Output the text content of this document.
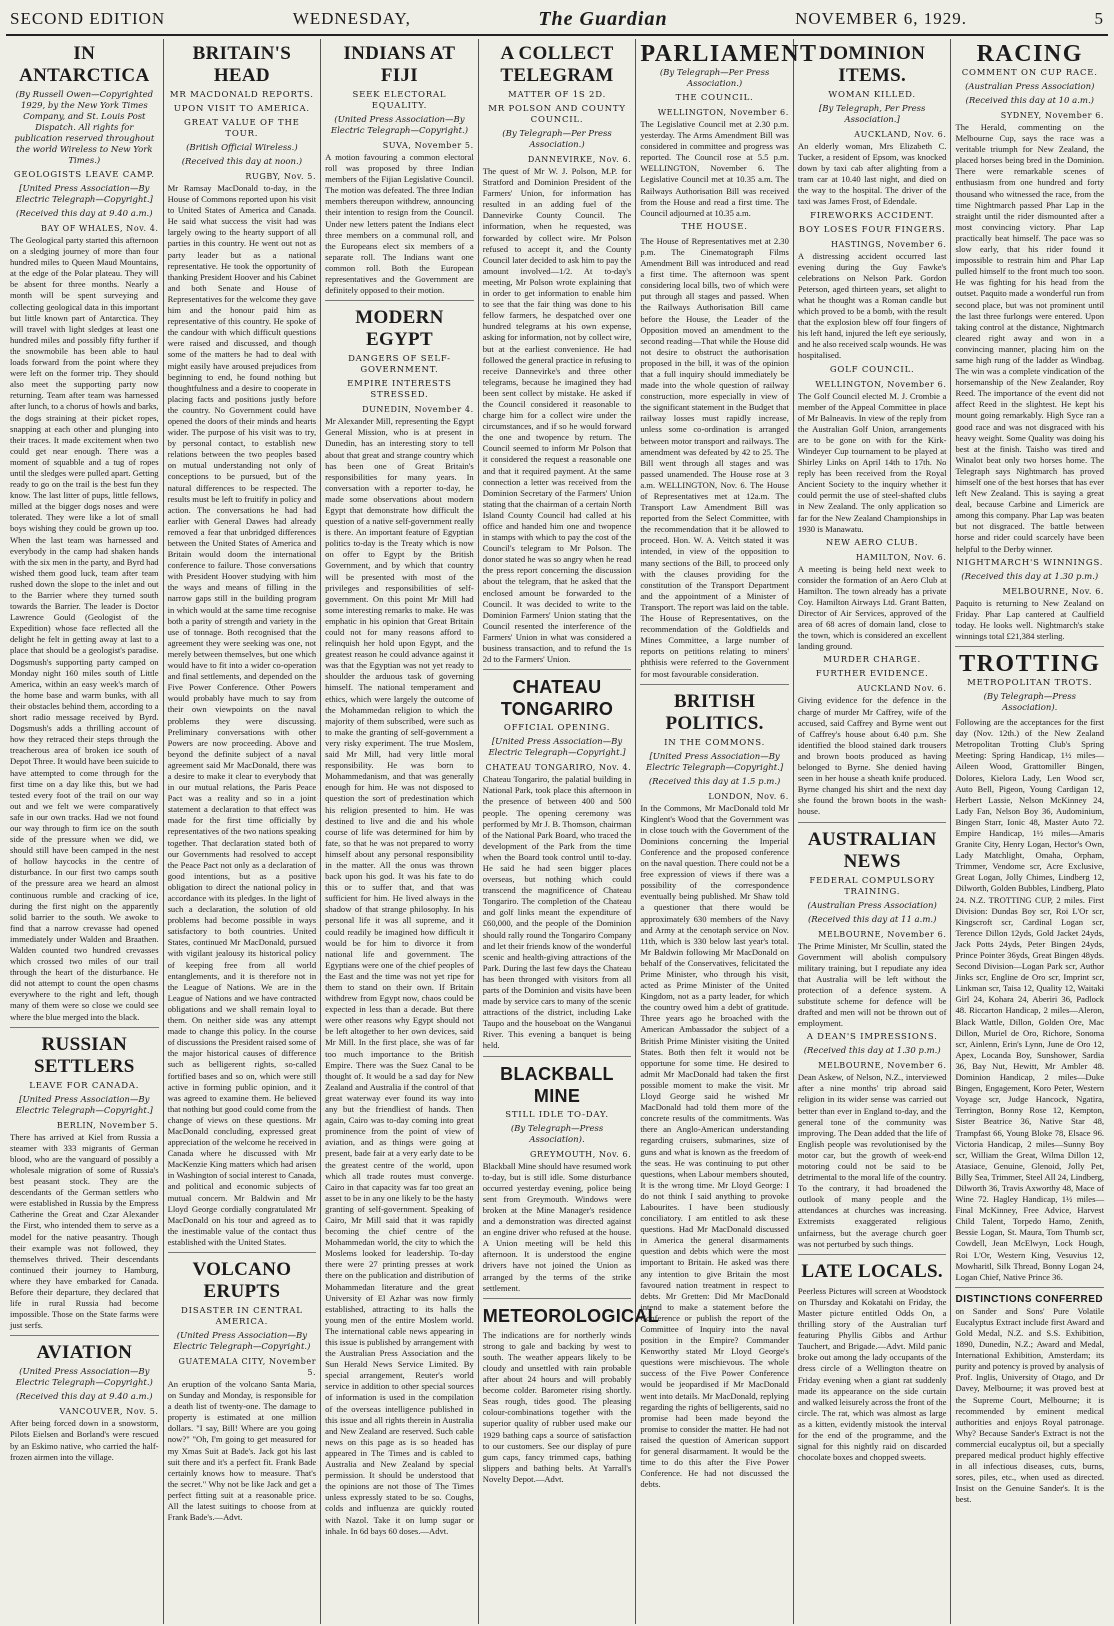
SECOND EDITION	WEDNESDAY,	The Guardian	NOVEMBER 6, 1929.	5
IN ANTARCTICA
(By Russell Owen—Copyrighted 1929, by the New York Times Company, and St. Louis Post Dispatch. All rights for publication reserved throughout the world Wireless to New York Times.)
GEOLOGISTS LEAVE CAMP.
[United Press Association—By Electric Telegraph—Copyright.]
(Received this day at 9.40 a.m.)
BAY OF WHALES, Nov. 4.
The Geological party started this afternoon on a sledging journey of more than four hundred miles to Queen Maud Mountains, at the edge of the Polar plateau. They will be absent for three months. Nearly a month will be spent surveying and collecting geological data in this important but little known part of Antarctica. They will travel with light sledges at least one hundred miles and possibly fifty further if the snowmobile has been able to haul loads forward from the point where they were left on the former trip. They should also meet the supporting party now returning. Team after team was harnessed after lunch, to a chorus of howls and barks, the dogs straining at their picket ropes, snapping at each other and plunging into their traces. It made excitement when two could get near enough. There was a moment of squabble and a tug of ropes until the sledges were pulled apart. Getting ready to go on the trail is the best fun they know. The last litter of pups, little fellows, milled at the bigger dogs noses and were tolerated. They were like a lot of small boys wishing they could be grown up too. When the last team was harnessed and everybody in the camp had shaken hands with the six men in the party, and Byrd had wished them good luck, team after team rushed down the slope to the inlet and out to the Barrier where they turned south towards the Barrier. The leader is Doctor Lawrence Gould (Geologist of the Expedition) whose face reflected all the delight he felt in getting away at last to a place that should be a geologist's paradise. Dogsmush's supporting party camped on Monday night 160 miles south of Little America, within an easy week's march of the home base and warm bunks, with all their obstacles behind them, according to a short radio message received by Byrd. Dogsmush's adds a thrilling account of how they retraced their steps through the treacherous area of broken ice south of Depot Three. It would have been suicide to have attempted to come through for the first time on a day like this, but we had tested every foot of the trail on our way out and we felt we were comparatively safe in our own tracks. Had we not found our way through to firm ice on the south side of the pressure when we did, we should still have been camped in the nest of hollow haycocks in the centre of disturbance. In our first two camps south of the pressure area we heard an almost continuous rumble and cracking of ice, during the first night on the apparently solid barrier to the south. We awoke to find that a narrow crevasse had opened immediately under Walden and Braathen. Walden counted two hundred crevasses which crossed two miles of our trail through the heart of the disturbance. He did not attempt to count the open chasms everywhere to the right and left, though many of them were so close we could see where the blue merged into the black.
RUSSIAN SETTLERS
LEAVE FOR CANADA.
[United Press Association—By Electric Telegraph—Copyright.]
BERLIN, November 5.
There has arrived at Kiel from Russia a steamer with 333 migrants of German blood, who are the vanguard of possibly a wholesale migration of some of Russia's best peasant stock. They are the descendants of the German settlers who were established in Russia by the Empress Catherine the Great and Czar Alexander the First, who intended them to serve as a model for the native peasantry. Though their example was not followed, they themselves thrived. Their descendants continued their journey to Hamburg, where they have embarked for Canada. Before their departure, they declared that life in rural Russia had become impossible. Those on the State farms were just serfs.
AVIATION
(United Press Association—By Electric Telegraph—Copyright.)
(Received this day at 9.40 a.m.)
VANCOUVER, Nov. 5.
After being forced down in a snowstorm, Pilots Eielsen and Borland's were rescued by an Eskimo native, who carried the half-frozen airmen into the village.
BRITAIN'S HEAD
MR MACDONALD REPORTS.
UPON VISIT TO AMERICA.
GREAT VALUE OF THE TOUR.
(British Official Wireless.)
(Received this day at noon.)
RUGBY, Nov. 5.
Mr Ramsay MacDonald to-day, in the House of Commons reported upon his visit to United States of America and Canada. He said what success the visit had was largely owing to the hearty support of all parties in this country. He went out not as party leader but as a national representative. He took the opportunity of thanking President Hoover and his Cabinet and both Senate and House of Representatives for the welcome they gave him and the honour paid him as representative of this country. He spoke of the candour with which difficult questions were raised and discussed, and though some of the matters he had to deal with might easily have aroused prejudices from beginning to end, he found nothing but thoughtfulness and a desire to cooperate in placing facts and positions justly before the country. No Government could have opened the doors of their minds and hearts wider. The purpose of his visit was to try, by personal contact, to establish new relations between the two peoples based on mutual understanding not only of conceptions to be pursued, but of the natural differences to be respected. The results must be left to fruitify in policy and action. The conversations he had had earlier with General Dawes had already removed a fear that unbridged differences between the United States of America and Britain would doom the international conference to failure. Those conversations with President Hoover studying with him the ways and means of filling in the narrow gaps still in the building program in which would at the same time recognise both a parity of strength and variety in the use of tonnage. Both recognised that the agreement they were seeking was one, not merely between themselves, but one which would have to fit into a wider co-operation and final settlements, and depended on the Five Power Conference. Other Powers would probably have much to say from their own viewpoints on the naval problems they were discussing. Preliminary conversations with other Powers are now proceeding. Above and beyond the definite subject of a naval agreement said Mr MacDonald, there was a desire to make it clear to everybody that in our mutual relations, the Paris Peace Pact was a reality and so in a joint statement a declaration to that effect was made for the first time officially by representatives of the two nations speaking together. That declaration stated both of our Governments had resolved to accept the Peace Pact not only as a declaration of good intentions, but as a positive obligation to direct the national policy in accordance with its pledges. In the light of such a declaration, the solution of old problems had become possible in ways satisfactory to both countries. United States, continued Mr MacDonald, pursued with vigilant jealousy its historical policy of keeping free from all world entanglements, and it is therefore not in the League of Nations. We are in the League of Nations and we have contracted obligations and we shall remain loyal to them. On neither side was any attempt made to change this policy. In the course of discussions the President raised some of the major historical causes of difference such as belligerent rights, so-called fortified bases and so on, which were still active in forming public opinion, and it was agreed to examine them. He believed that nothing but good could come from the change of views on these questions. Mr MacDonald concluding, expressed great appreciation of the welcome he received in Canada where he discussed with Mr MacKenzie King matters which had arisen in Washington of social interest to Canada, and political and economic subjects of mutual concern. Mr Baldwin and Mr Lloyd George cordially congratulated Mr MacDonald on his tour and agreed as to the inestimable value of the contact thus established with the United States.
VOLCANO ERUPTS
DISASTER IN CENTRAL AMERICA.
(United Press Association—By Electric Telegraph—Copyright.)
GUATEMALA CITY, November 5.
An eruption of the volcano Santa Maria, on Sunday and Monday, is responsible for a death list of twenty-one. The damage to property is estimated at one million dollars. "I say, Bill! Where are you going now?" "Oh, I'm going to get measured for my Xmas Suit at Bade's. Jack got his last suit there and it's a perfect fit. Frank Bade certainly knows how to measure. That's the secret." Why not be like Jack and get a perfect fitting suit at a reasonable price. All the latest suitings to choose from at Frank Bade's.—Advt.
INDIANS AT FIJI
SEEK ELECTORAL EQUALITY.
(United Press Association—By Electric Telegraph—Copyright.)
SUVA, November 5.
A motion favouring a common electoral roll was proposed by three Indian members of the Fijian Legislative Council. The motion was defeated. The three Indian members thereupon withdrew, announcing their intention to resign from the Council. Under new letters patent the Indians elect three members on a communal roll, and the Europeans elect six members of a separate roll. The Indians want one common roll. Both the European representatives and the Government are definitely opposed to their motion.
MODERN EGYPT
DANGERS OF SELF-GOVERNMENT.
EMPIRE INTERESTS STRESSED.
DUNEDIN, November 4.
Mr Alexander Mill, representing the Egypt General Mission, who is at present in Dunedin, has an interesting story to tell about that great and strange country which has been one of Great Britain's responsibilities for many years. In conversation with a reporter to-day, he made some observations about modern Egypt that demonstrate how difficult the question of a native self-government really is there. An important feature of Egyptian politics to-day is the Treaty which is now on offer to Egypt by the British Government, and by which that country will be presented with most of the privileges and responsibilities of self-government. On this point Mr Mill had some interesting remarks to make. He was emphatic in his opinion that Great Britain could not for many reasons afford to relinquish her hold upon Egypt, and the greatest reason he could advance against it was that the Egyptian was not yet ready to shoulder the arduous task of governing himself. The national temperament and ethics, which were largely the outcome of the Mohammedan religion to which the majority of them subscribed, were such as to make the granting of self-government a very risky experiment. The true Moslem, said Mr Mill, had very little moral responsibility. He was born to Mohammedanism, and that was generally enough for him. He was not disposed to question the sort of predestination which his religion presented to him. He was destined to live and die and his whole course of life was determined for him by fate, so that he was not prepared to worry himself about any personal responsibility in the matter. All the onus was thrown back upon his god. It was his fate to do this or to suffer that, and that was sufficient for him. He lived always in the shadow of that strange philosophy. In his personal life it was all supreme, and it could readily be imagined how difficult it would be for him to divorce it from national life and government. The Egyptians were one of the chief peoples of the East and the time was not yet ripe for them to stand on their own. If Britain withdrew from Egypt now, chaos could be expected in less than a decade. But there were other reasons why Egypt should not be left altogether to her own devices, said Mr Mill. In the first place, she was of far too much importance to the British Empire. There was the Suez Canal to be thought of. It would be a sad day for New Zealand and Australia if the control of that great waterway ever found its way into any but the friendliest of hands. Then again, Cairo was to-day coming into great prominence from the point of view of aviation, and as things were going at present, bade fair at a very early date to be the greatest centre of the world, upon which all trade routes must converge. Cairo in that capacity was far too great an asset to be in any one likely to be the hasty granting of self-government. Speaking of Cairo, Mr Mill said that it was rapidly becoming the chief centre of the Mohammedan world, the city to which the Moslems looked for leadership. To-day there were 27 printing presses at work there on the publication and distribution of Mohammedan literature and the great University of El Azhar was now firmly established, attracting to its halls the young men of the entire Moslem world. The international cable news appearing in this issue is published by arrangement with the Australian Press Association and the Sun Herald News Service Limited. By special arrangement, Reuter's world service in addition to other special sources of information is used in the compilation of the overseas intelligence published in this issue and all rights therein in Australia and New Zealand are reserved. Such cable news on this page as is so headed has appeared in The Times and is cabled to Australia and New Zealand by special permission. It should be understood that the opinions are not those of The Times unless expressly stated to be so. Coughs, colds and influenza are quickly routed with Nazol. Take it on lump sugar or inhale. In 6d bays 60 doses.—Advt.
A COLLECT TELEGRAM
MATTER OF 1S 2D.
MR POLSON AND COUNTY COUNCIL.
(By Telegraph—Per Press Association.)
DANNEVIRKE, Nov. 6.
The quest of Mr W. J. Polson, M.P. for Stratford and Dominion President of the Farmers' Union, for information has resulted in an adding fuel of the Dannevirke County Council. The information, when he requested, was forwarded by collect wire. Mr Polson refused to accept it, and the County Council later decided to ask him to pay the amount involved—1/2. At to-day's meeting, Mr Polson wrote explaining that in order to get information to enable him to see that the fair thing was done to his fellow farmers, he despatched over one hundred telegrams at his own expense, asking for information, not by collect wire, but at the earliest convenience. He had followed the general practice in refusing to receive Dannevirke's and three other telegrams, because he imagined they had been sent collect by mistake. He asked if the Council considered it reasonable to charge him for a collect wire under the circumstances, and if so he would forward the one and twopence by return. The Council seemed to inform Mr Polson that it considered the request a reasonable one and that it required payment. At the same connection a letter was received from the Dominion Secretary of the Farmers' Union stating that the chairman of a certain North Island County Council had called at his office and handed him one and twopence in stamps with which to pay the cost of the Council's telegram to Mr Polson. The donor stated he was so angry when he read the press report concerning the discussion about the telegram, that he asked that the enclosed amount be forwarded to the Council. It was decided to write to the Dominion Farmers' Union stating that the Council resented the interference of the Farmers' Union in what was considered a business transaction, and to refund the 1s 2d to the Farmers' Union.
CHATEAU TONGARIRO
OFFICIAL OPENING.
[United Press Association—By Electric Telegraph—Copyright.]
CHATEAU TONGARIRO, Nov. 4.
Chateau Tongariro, the palatial building in National Park, took place this afternoon in the presence of between 400 and 500 people. The opening ceremony was performed by Mr J. B. Thomson, chairman of the National Park Board, who traced the development of the Park from the time when the Board took control until to-day. He said he had seen bigger places overseas, but nothing which could transcend the magnificence of Chateau Tongariro. The completion of the Chateau and golf links meant the expenditure of £60,000, and the people of the Dominion should rally round the Tongariro Company and let their friends know of the wonderful scenic and health-giving attractions of the Park. During the last few days the Chateau has been thronged with visitors from all parts of the Dominion and visits have been made by service cars to many of the scenic attractions of the district, including Lake Taupo and the houseboat on the Wanganui River. This evening a banquet is being held.
BLACKBALL MINE
STILL IDLE TO-DAY.
(By Telegraph—Press Association).
GREYMOUTH, Nov. 6.
Blackball Mine should have resumed work to-day, but is still idle. Some disturbance occurred yesterday evening, police being sent from Greymouth. Windows were broken at the Mine Manager's residence and a demonstration was directed against an engine driver who refused at the house. A Union meeting will be held this afternoon. It is understood the engine drivers have not joined the Union as arranged by the terms of the strike settlement.
METEOROLOGICAL
The indications are for northerly winds strong to gale and backing by west to south. The weather appears likely to be cloudy and unsettled with rain probable after about 24 hours and will probably become colder. Barometer rising shortly. Seas rough, tides good. The pleasing colour-combinations together with the superior quality of rubber used make our 1929 bathing caps a source of satisfaction to our customers. See our display of pure gum caps, fancy trimmed caps, bathing slippers and bathing belts. At Yarrall's Novelty Depot.—Advt.
PARLIAMENT
(By Telegraph—Per Press Association.)
THE COUNCIL.
WELLINGTON, November 6.
The Legislative Council met at 2.30 p.m. yesterday. The Arms Amendment Bill was considered in committee and progress was reported. The Council rose at 5.5 p.m. WELLINGTON, November 6. The Legislative Council met at 10.35 a.m. The Railways Authorisation Bill was received from the House and read a first time. The Council adjourned at 10.35 a.m.
THE HOUSE.
The House of Representatives met at 2.30 p.m. The Cinematograph Films Amendment Bill was introduced and read a first time. The afternoon was spent considering local bills, two of which were put through all stages and passed. When the Railways Authorisation Bill came before the House, the Leader of the Opposition moved an amendment to the second reading—That while the House did not desire to obstruct the authorisation proposed in the bill, it was of the opinion that a full inquiry should immediately be made into the whole question of railway construction, more especially in view of the significant statement in the Budget that railway losses must rapidly increase, unless some co-ordination is arranged between motor transport and railways. The amendment was defeated by 42 to 25. The Bill went through all stages and was passed unamended. The House rose at 3 a.m. WELLINGTON, Nov. 6. The House of Representatives met at 12a.m. The Transport Law Amendment Bill was reported from the Select Committee, with the recommendation that it be allowed to proceed. Hon. W. A. Veitch stated it was intended, in view of the opposition to many sections of the Bill, to proceed only with the clauses providing for the constitution of the Transport Department and the appointment of a Minister of Transport. The report was laid on the table. The House of Representatives, on the recommendation of the Goldfields and Mines Committee, a large number of reports on petitions relating to miners' phthisis were referred to the Government for most favourable consideration.
BRITISH POLITICS.
IN THE COMMONS.
[United Press Association—By Electric Telegraph—Copyright.]
(Received this day at 1.5 p.m.)
LONDON, Nov. 6.
In the Commons, Mr MacDonald told Mr Kinglent's Wood that the Government was in close touch with the Government of the Dominions concerning the Imperial Conference and the proposed conference on the naval question. There could not be a free expression of views if there was a possibility of the correspondence eventually being published. Mr Shaw told a questioner that there would be approximately 630 members of the Navy and Army at the cenotaph service on Nov. 11th, which is 330 below last year's total. Mr Baldwin following Mr MacDonald on behalf of the Conservatives, felicitated the Prime Minister, who through his visit, acted as Prime Minister of the United Kingdom, not as a party leader, for which the country owed him a debt of gratitude. Three years ago he broached with the American Ambassador the subject of a British Prime Minister visiting the United States. Both then felt it would not be opportune for some time. He desired to admit Mr MacDonald had taken the first possible moment to make the visit. Mr Lloyd George said he wished Mr MacDonald had told them more of the concrete results of the commitments. Was there an Anglo-American understanding regarding cruisers, submarines, size of guns and what is known as the freedom of the seas. He was continuing to put other questions, when Labour members shouted, It is the wrong time. Mr Lloyd George: I do not think I said anything to provoke Labourites. I have been studiously conciliatory. I am entitled to ask these questions. Had Mr MacDonald discussed in America the general disarmaments question and debts which were the most important to Britain. He asked was there any intention to give Britain the most favoured nation treatment in respect to debts. Mr Gretten: Did Mr MacDonald intend to make a statement before the Conference or publish the report of the Committee of Inquiry into the naval position in the Empire? Commander Kenworthy stated Mr Lloyd George's questions were mischievous. The whole success of the Five Power Conference would be jeopardised if Mr MacDonald went into details. Mr MacDonald, replying regarding the rights of belligerents, said no promise had been made beyond the promise to consider the matter. He had not raised the question of American support for general disarmament. It would be the time to do this after the Five Power Conference. He had not discussed the debts.
DOMINION ITEMS.
WOMAN KILLED.
[By Telegraph, Per Press Association.]
AUCKLAND, Nov. 6.
An elderly woman, Mrs Elizabeth C. Tucker, a resident of Epsom, was knocked down by taxi cab after alighting from a tram car at 10.40 last night, and died on the way to the hospital. The driver of the taxi was James Frost, of Edendale.
FIREWORKS ACCIDENT.
BOY LOSES FOUR FINGERS.
HASTINGS, November 6.
A distressing accident occurred last evening during the Guy Fawke's celebrations on Nelson Park. Gordon Peterson, aged thirteen years, set alight to what he thought was a Roman candle but which proved to be a bomb, with the result that the explosion blew off four fingers of his left hand, injured the left eye seriously, and he also received scalp wounds. He was hospitalised.
GOLF COUNCIL.
WELLINGTON, November 6.
The Golf Council elected M. J. Crombie a member of the Appeal Committee in place of Mr Balneavis. In view of the reply from the Australian Golf Union, arrangements are to be gone on with for the Kirk-Windeyer Cup tournament to be played at Shirley Links on April 14th to 17th. No reply has been received from the Royal Ancient Society to the inquiry whether it could permit the use of steel-shafted clubs in New Zealand. The only application so far for the New Zealand Championships in 1930 is Manawatu.
NEW AERO CLUB.
HAMILTON, Nov. 6.
A meeting is being held next week to consider the formation of an Aero Club at Hamilton. The town already has a private Coy. Hamilton Airways Ltd. Grant Batten, Director of Air Services, approved of the area of 68 acres of domain land, close to the town, which is considered an excellent landing ground.
MURDER CHARGE.
FURTHER EVIDENCE.
AUCKLAND Nov. 6.
Giving evidence for the defence in the charge of murder Mr Caffrey, wife of the accused, said Caffrey and Byrne went out of Caffrey's house about 6.40 p.m. She identified the blood stained dark trousers and brown boots produced as having belonged to Byrne. She denied having seen in her house a sheath knife produced. Byrne changed his shirt and the next day she found the brown boots in the wash-house.
AUSTRALIAN NEWS
FEDERAL COMPULSORY TRAINING.
(Australian Press Association)
(Received this day at 11 a.m.)
MELBOURNE, November 6.
The Prime Minister, Mr Scullin, stated the Government will abolish compulsory military training, but I repudiate any idea that Australia will be left without the protection of a defence system. A substitute scheme for defence will be drafted and men will not be thrown out of employment.
A DEAN'S IMPRESSIONS.
(Received this day at 1.30 p.m.)
MELBOURNE, November 6.
Dean Askew, of Nelson, N.Z., interviewed after a nine months' trip abroad said religion in its wider sense was carried out better than ever in England to-day, and the general tone of the community was improving. The Dean added that the life of English people was revolutionised by the motor car, but the growth of week-end motoring could not be said to be detrimental to the moral life of the country. To the contrary, it had broadened the outlook of many people and the attendances at churches was increasing. Extremists exaggerated religious unfairness, but the average church goer was not perturbed by such things.
LATE LOCALS.
Peerless Pictures will screen at Woodstock on Thursday and Kokatahi on Friday, the Master picture entitled Odds On, a thrilling story of the Australian turf featuring Phyllis Gibbs and Arthur Tauchert, and Brigade.—Advt. Mild panic broke out among the lady occupants of the dress circle of a Wellington theatre on Friday evening when a giant rat suddenly made its appearance on the side curtain and walked leisurely across the front of the circle. The rat, which was almost as large as a kitten, evidently mistook the interval for the end of the programme, and the signal for this nightly raid on discarded chocolate boxes and chopped sweets.
RACING
COMMENT ON CUP RACE.
(Australian Press Association)
(Received this day at 10 a.m.)
SYDNEY, November 6.
The Herald, commenting on the Melbourne Cup, says the race was a veritable triumph for New Zealand, the placed horses being bred in the Dominion. There were remarkable scenes of enthusiasm from one hundred and forty thousand who witnessed the race, from the time Nightmarch passed Phar Lap in the straight until the rider dismounted after a most convincing victory. Phar Lap practically beat himself. The pace was so slow early, that his rider found it impossible to restrain him and Phar Lap pulled himself to the front much too soon. He was fighting for his head from the outset. Paquito made a wonderful run from second place, but was not prominent until the last three furlongs were entered. Upon taking control at the distance, Nightmarch cleared right away and won in a convincing manner, placing him on the same high rung of the ladder as Windbag. The win was a complete vindication of the horsemanship of the New Zealander, Roy Reed. The importance of the event did not affect Reed in the slightest. He kept his mount going remarkably. High Syce ran a good race and was not disgraced with his heavy weight. Some Quality was doing his best at the finish. Taisho was tired and Winalot beat only two horses home. The Telegraph says Nightmarch has proved himself one of the best horses that has ever left New Zealand. This is saying a great deal, because Carbine and Limerick are among this company. Phar Lap was beaten but not disgraced. The battle between horse and rider could scarcely have been helpful to the Derby winner.
NIGHTMARCH'S WINNINGS.
(Received this day at 1.30 p.m.)
MELBOURNE, Nov. 6.
Paquito is returning to New Zealand on Friday. Phar Lap cantered at Caulfield today. He looks well. Nightmarch's stake winnings total £21,384 sterling.
TROTTING
METROPOLITAN TROTS.
(By Telegraph—Press Association).
Following are the acceptances for the first day (Nov. 12th.) of the New Zealand Metropolitan Trotting Club's Spring Meeting: Spring Handicap, 1½ miles—Aileen Wood, Grattomiller Bingen, Dolores, Kielora Lady, Len Wood scr, Auto Bell, Pigeon, Young Cardigan 12, Herbert Lassie, Nelson McKinney 24, Lady Fan, Nelson Boy 36, Audominium, Bingen Starr, Ionic 48, Master Auto 72. Empire Handicap, 1½ miles—Amaris Granite City, Henry Logan, Hector's Own, Lady Matchlight, Omaha, Orpham, Trimmer, Vendome scr, Acre Exclusive, Great Logan, Jolly Chimes, Lindberg 12, Dilworth, Golden Bubbles, Lindberg, Plato 24. N.Z. TROTTING CUP, 2 miles. First Division: Dundas Boy scr, Roi L'Or scr, Kingscroft scr, Cardinal Logan scr, Terence Dillon 12yds, Gold Jacket 24yds, Jack Potts 24yds, Peter Bingen 24yds, Prince Pointer 36yds, Great Bingen 48yds. Second Division—Logan Park scr, Author Jinks scr, Engline de Oro scr, Imprint scr, Linkman scr, Taisa 12, Quality 12, Waitaki Girl 24, Kohara 24, Aberiri 36, Padlock 48. Riccarton Handicap, 2 miles—Aleron, Black Wattle, Dillon, Golden Ore, Mac Dillon, Muriel de Oro, Richore, Sonoma scr, Ainlenn, Erin's Lynn, June de Oro 12, Apex, Locanda Boy, Sunshower, Sardia 36, Bay Nut, Hewitt, Mr Ambler 48. Dominion Handicap, 2 miles—Duke Bingen, Engagement, Koro Peter, Western Voyage scr, Judge Hancock, Ngatira, Terrington, Bonny Rose 12, Kempton, Sister Beatrice 36, Native Star 48, Trampfast 66, Young Bloke 78, Elsace 96. Victoria Handicap, 2 miles—Sunny Boy scr, William the Great, Wilma Dillon 12, Atasiace, Genuine, Glenoid, Jolly Pet, Billy Sea, Trimmer, Steel All 24, Lindberg, Dilworth 36, Travis Axworthy 48, Mace of Wine 72. Hagley Handicap, 1½ miles—Final McKinney, Free Advice, Harvest Child Talent, Torpedo Hamo, Zenith, Bessie Logan, St. Maura, Tom Thumb scr, Cowdell, Jean McElwyn, Lock Hough, Roi L'Or, Western King, Vesuvius 12, Mowharitl, Silk Thread, Bonny Logan 24, Logan Chief, Native Prince 36.
DISTINCTIONS CONFERRED
on Sander and Sons' Pure Volatile Eucalyptus Extract include first Award and Gold Medal, N.Z. and S.S. Exhibition, 1890, Dunedin, N.Z.; Award and Medal, International Exhibition, Amsterdam; its purity and potency is proved by analysis of Prof. Inglis, University of Otago, and Dr Davey, Melbourne; it was proved best at the Supreme Court, Melbourne; it is recommended by eminent medical authorities and enjoys Royal patronage. Why? Because Sander's Extract is not the commercial eucalyptus oil, but a specially prepared medical product highly effective in all infectious diseases, cuts, burns, sores, piles, etc., when used as directed. Insist on the Genuine Sander's. It is the best.
